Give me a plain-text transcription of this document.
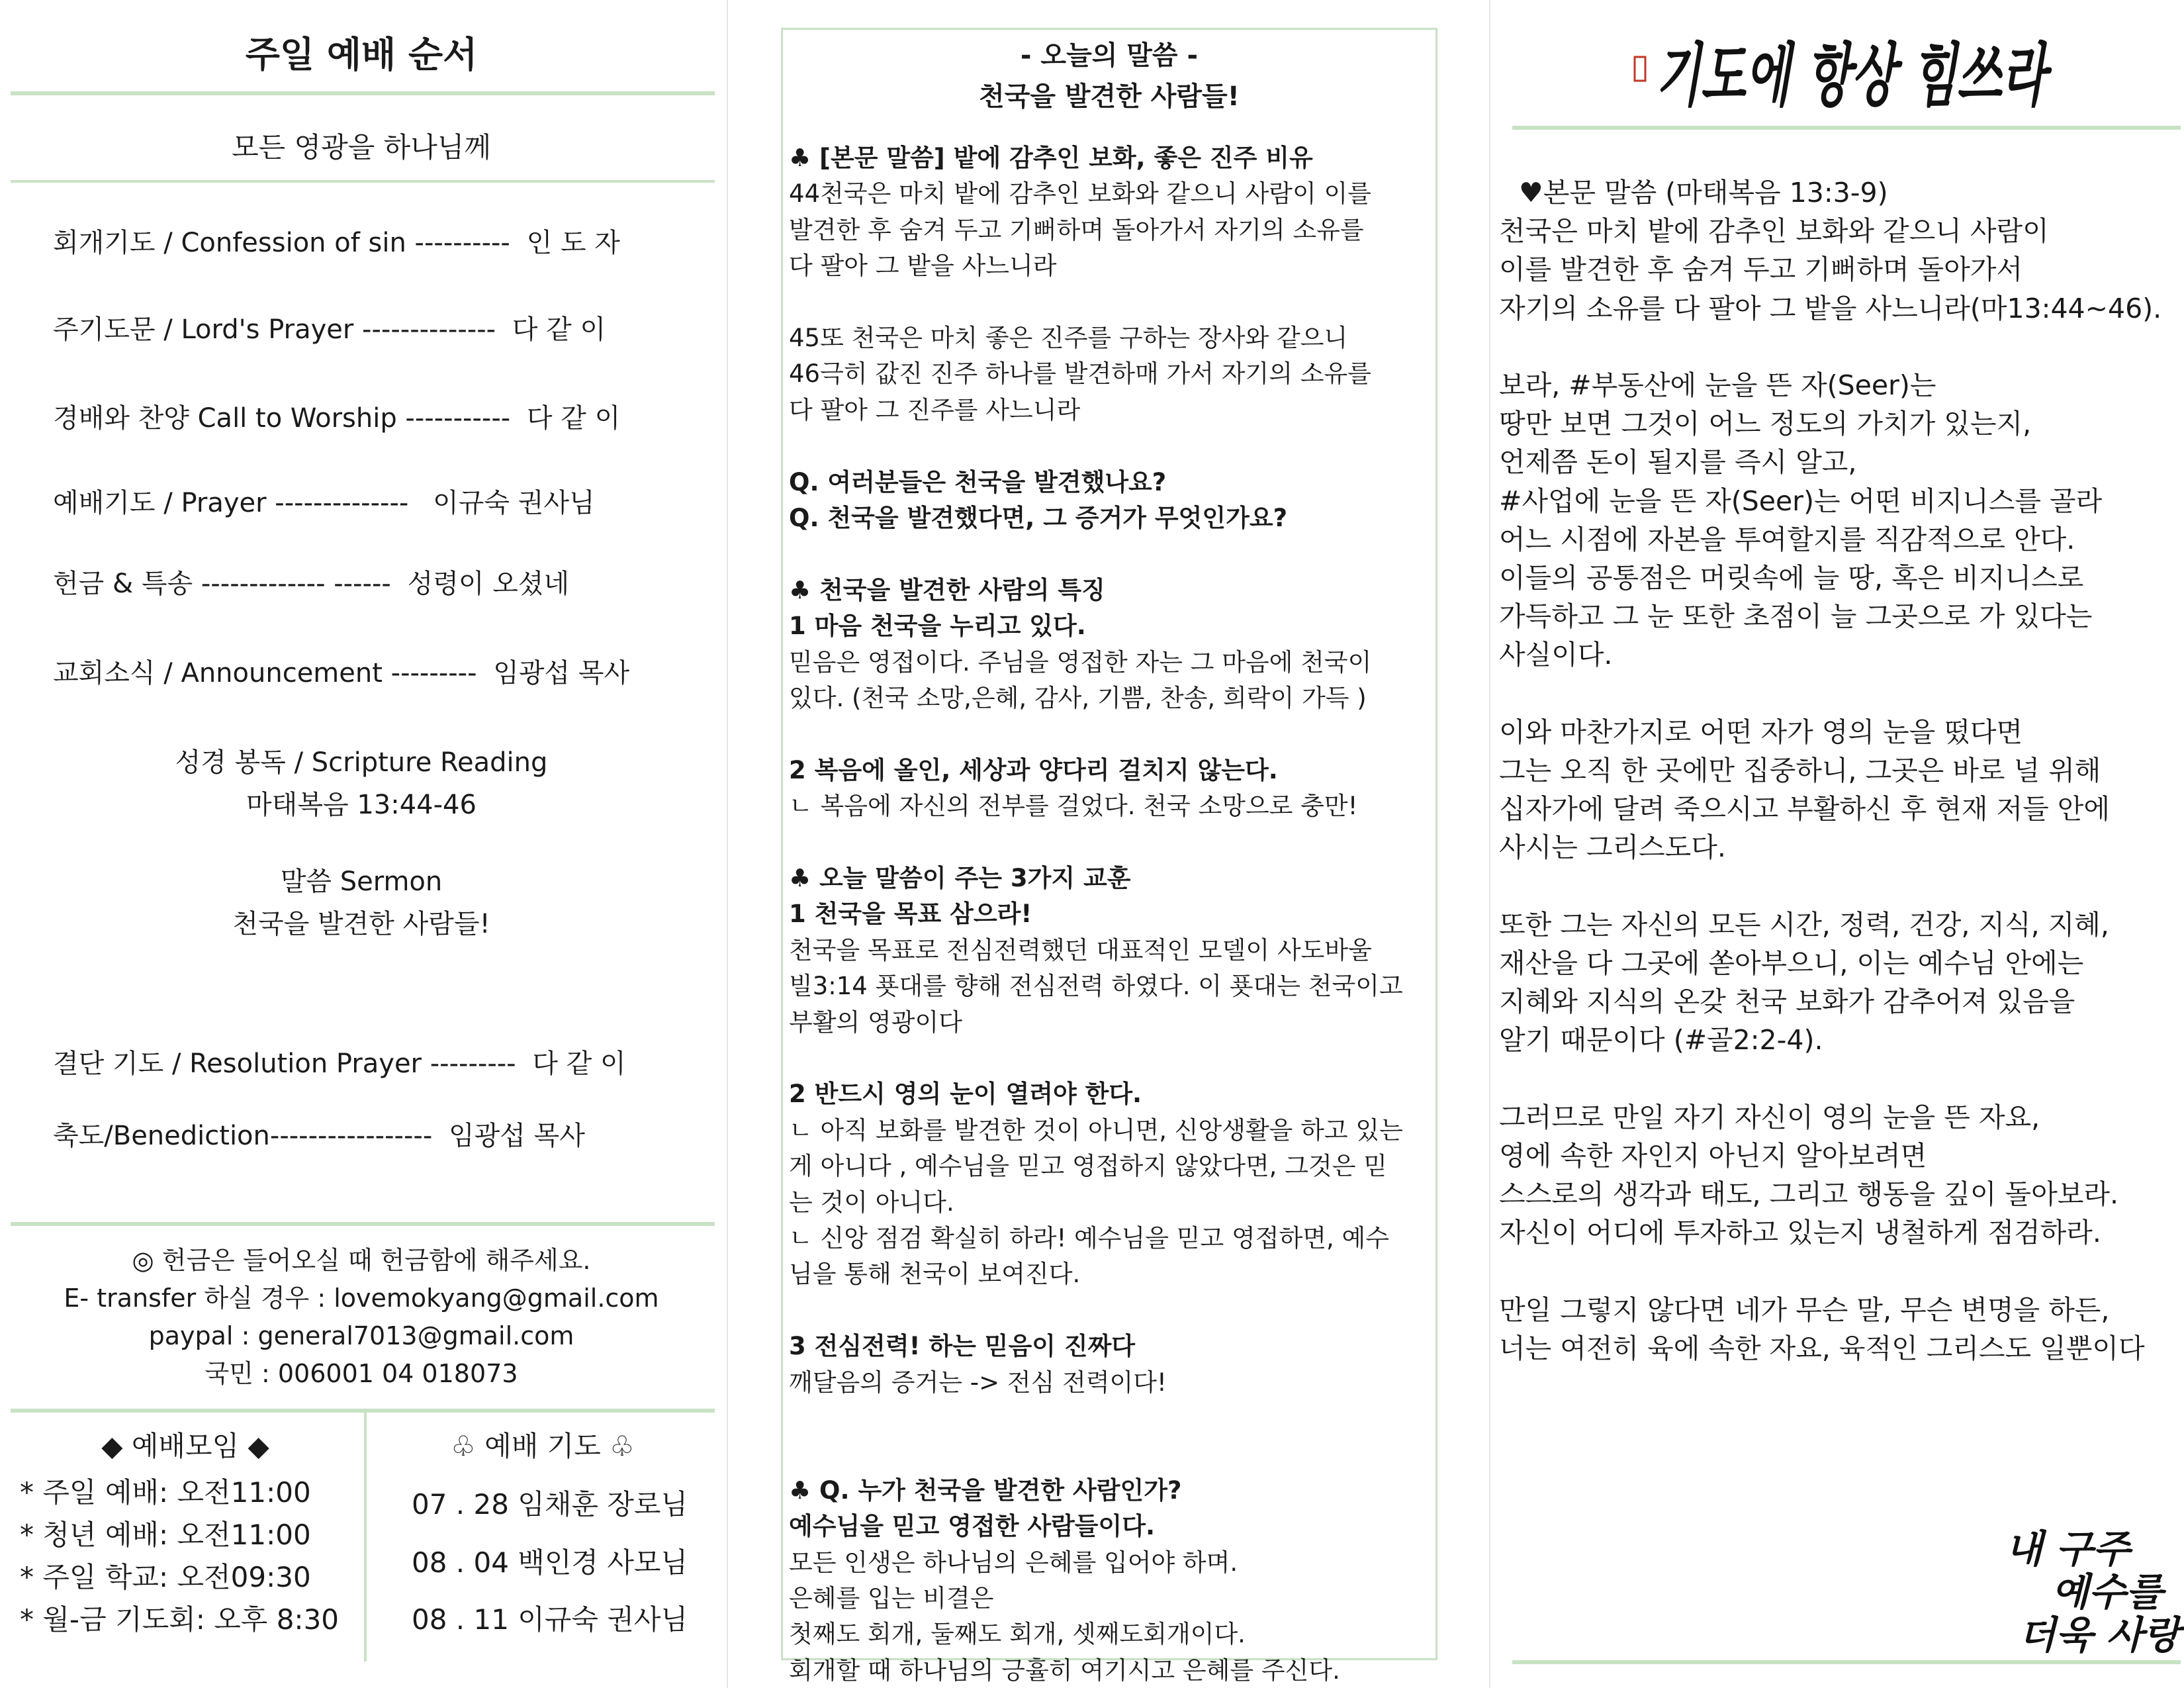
주일 예배 순서
모든 영광을 하나님께
회개기도 / Confession of sin ---------- 인 도 자
주기도문 / Lord's Prayer -------------- 다 같 이
경배와 찬양 Call to Worship ----------- 다 같 이
예배기도 / Prayer -------------- 이규숙 권사님
헌금 & 특송 ------------- ------ 성령이 오셨네
교회소식 / Announcement --------- 임광섭 목사
성경 봉독 / Scripture Reading
마태복음 13:44-46
말씀 Sermon
천국을 발견한 사람들!
결단 기도 / Resolution Prayer --------- 다 같 이
축도/Benediction----------------- 임광섭 목사
◎ 헌금은 들어오실 때 헌금함에 해주세요.
E- transfer 하실 경우 : lovemokyang@gmail.com
paypal : general7013@gmail.com
국민 : 006001 04 018073
◆ 예배모임 ◆
* 주일 예배: 오전11:00
* 청년 예배: 오전11:00
* 주일 학교: 오전09:30
* 월-금 기도회: 오후 8:30
♧ 예배 기도 ♧
07 . 28 임채훈 장로님
08 . 04 백인경 사모님
08 . 11 이규숙 권사님
- 오늘의 말씀 -
천국을 발견한 사람들!
♣ [본문 말씀] 밭에 감추인 보화, 좋은 진주 비유
44천국은 마치 밭에 감추인 보화와 같으니 사람이 이를
발견한 후 숨겨 두고 기뻐하며 돌아가서 자기의 소유를
다 팔아 그 밭을 사느니라
45또 천국은 마치 좋은 진주를 구하는 장사와 같으니
46극히 값진 진주 하나를 발견하매 가서 자기의 소유를
다 팔아 그 진주를 사느니라
Q. 여러분들은 천국을 발견했나요?
Q. 천국을 발견했다면, 그 증거가 무엇인가요?
♣ 천국을 발견한 사람의 특징
1 마음 천국을 누리고 있다.
믿음은 영접이다. 주님을 영접한 자는 그 마음에 천국이
있다. (천국 소망,은혜, 감사, 기쁨, 찬송, 희락이 가득 )
2 복음에 올인, 세상과 양다리 걸치지 않는다.
ㄴ 복음에 자신의 전부를 걸었다. 천국 소망으로 충만!
♣ 오늘 말씀이 주는 3가지 교훈
1 천국을 목표 삼으라!
천국을 목표로 전심전력했던 대표적인 모델이 사도바울
빌3:14 푯대를 향해 전심전력 하였다. 이 푯대는 천국이고
부활의 영광이다
2 반드시 영의 눈이 열려야 한다.
ㄴ 아직 보화를 발견한 것이 아니면, 신앙생활을 하고 있는
게 아니다 , 예수님을 믿고 영접하지 않았다면, 그것은 믿
는 것이 아니다.
ㄴ 신앙 점검 확실히 하라! 예수님을 믿고 영접하면, 예수
님을 통해 천국이 보여진다.
3 전심전력! 하는 믿음이 진짜다
깨달음의 증거는 -> 전심 전력이다!
♣ Q. 누가 천국을 발견한 사람인가?
예수님을 믿고 영접한 사람들이다.
모든 인생은 하나님의 은혜를 입어야 하며.
은혜를 입는 비결은
첫째도 회개, 둘째도 회개, 셋째도회개이다.
회개할 때 하나님의 긍휼히 여기시고 은혜를 주신다.
기도에 항상 힘쓰라
♥본문 말씀 (마태복음 13:3-9)
천국은 마치 밭에 감추인 보화와 같으니 사람이
이를 발견한 후 숨겨 두고 기뻐하며 돌아가서
자기의 소유를 다 팔아 그 밭을 사느니라(마13:44~46).
보라, #부동산에 눈을 뜬 자(Seer)는
땅만 보면 그것이 어느 정도의 가치가 있는지,
언제쯤 돈이 될지를 즉시 알고,
#사업에 눈을 뜬 자(Seer)는 어떤 비지니스를 골라
어느 시점에 자본을 투여할지를 직감적으로 안다.
이들의 공통점은 머릿속에 늘 땅, 혹은 비지니스로
가득하고 그 눈 또한 초점이 늘 그곳으로 가 있다는
사실이다.
이와 마찬가지로 어떤 자가 영의 눈을 떴다면
그는 오직 한 곳에만 집중하니, 그곳은 바로 널 위해
십자가에 달려 죽으시고 부활하신 후 현재 저들 안에
사시는 그리스도다.
또한 그는 자신의 모든 시간, 정력, 건강, 지식, 지혜,
재산을 다 그곳에 쏟아부으니, 이는 예수님 안에는
지혜와 지식의 온갖 천국 보화가 감추어져 있음을
알기 때문이다 (#골2:2-4).
그러므로 만일 자기 자신이 영의 눈을 뜬 자요,
영에 속한 자인지 아닌지 알아보려면
스스로의 생각과 태도, 그리고 행동을 깊이 돌아보라.
자신이 어디에 투자하고 있는지 냉철하게 점검하라.
만일 그렇지 않다면 네가 무슨 말, 무슨 변명을 하든,
너는 여전히 육에 속한 자요, 육적인 그리스도 일뿐이다
내 구주
예수를
더욱 사랑
